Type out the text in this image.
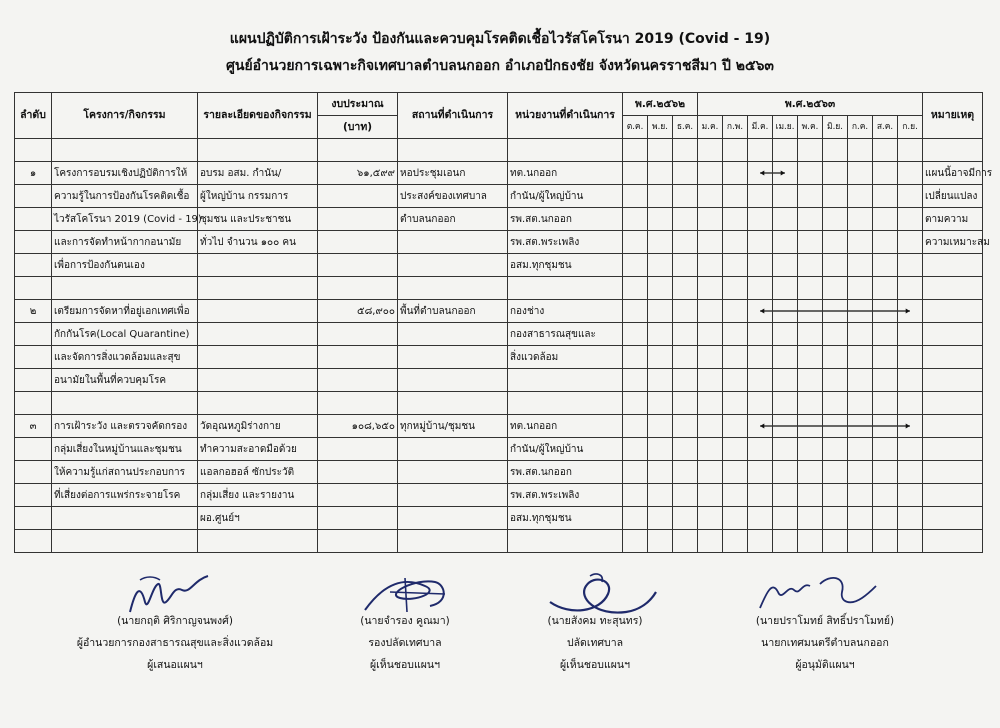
แผนปฏิบัติการเฝ้าระวัง ป้องกันและควบคุมโรคติดเชื้อไวรัสโคโรนา 2019 (Covid - 19)
ศูนย์อำนวยการเฉพาะกิจเทศบาลตำบลนกออก อำเภอปักธงชัย จังหวัดนครราชสีมา ปี ๒๕๖๓
ลำดับ	โครงการ/กิจกรรม	รายละเอียดของกิจกรรม	งบประมาณ	สถานที่ดำเนินการ	หน่วยงานที่ดำเนินการ	พ.ศ.๒๕๖๒			พ.ศ.๒๕๖๓									หมายเหตุ
			(บาท)			ต.ค.	พ.ย.	ธ.ค.	ม.ค.	ก.พ.	มี.ค.	เม.ย.	พ.ค.	มิ.ย.	ก.ค.	ส.ค.	ก.ย.	

๑	โครงการอบรมเชิงปฏิบัติการให้	อบรม อสม. กำนัน/	๖๑,๕๙๙	หอประชุมเอนก	ทต.นกออก													แผนนี้อาจมีการ
	ความรู้ในการป้องกันโรคติดเชื้อ	ผู้ใหญ่บ้าน กรรมการ		ประสงค์ของเทศบาล	กำนัน/ผู้ใหญ่บ้าน													เปลี่ยนแปลง
	ไวรัสโคโรนา 2019 (Covid - 19)	ชุมชน และประชาชน		ตำบลนกออก	รพ.สต.นกออก													ตามความ
	และการจัดทำหน้ากากอนามัย	ทั่วไป จำนวน ๑๐๐ คน			รพ.สต.พระเพลิง													ความเหมาะสม
	เพื่อการป้องกันตนเอง				อสม.ทุกชุมชน													

๒	เตรียมการจัดหาที่อยู่เอกเทศเพื่อ		๕๘,๙๐๐	พื้นที่ตำบลนกออก	กองช่าง						

	กักกันโรค(Local Quarantine)				กองสาธารณสุขและ													
	และจัดการสิ่งแวดล้อมและสุข				สิ่งแวดล้อม													
	อนามัยในพื้นที่ควบคุมโรค																	

๓	การเฝ้าระวัง และตรวจคัดกรอง	วัดอุณหภูมิร่างกาย	๑๐๘,๖๕๐	ทุกหมู่บ้าน/ชุมชน	ทต.นกออก						

	กลุ่มเสี่ยงในหมู่บ้านและชุมชน	ทำความสะอาดมือด้วย			กำนัน/ผู้ใหญ่บ้าน													
	ให้ความรู้แก่สถานประกอบการ	แอลกอฮอล์ ซักประวัติ			รพ.สต.นกออก													
	ที่เสี่ยงต่อการแพร่กระจายโรค	กลุ่มเสี่ยง และรายงาน			รพ.สต.พระเพลิง													
		ผอ.ศูนย์ฯ			อสม.ทุกชุมชน													

(นายกฤติ ศิริกาญจนพงศ์)
ผู้อำนวยการกองสาธารณสุขและสิ่งแวดล้อม
ผู้เสนอแผนฯ
(นายจำรอง คูณมา)
รองปลัดเทศบาล
ผู้เห็นชอบแผนฯ
(นายสังคม ทะสุนทร)
ปลัดเทศบาล
ผู้เห็นชอบแผนฯ
(นายปราโมทย์ สิทธิ์ปราโมทย์)
นายกเทศมนตรีตำบลนกออก
ผู้อนุมัติแผนฯ
